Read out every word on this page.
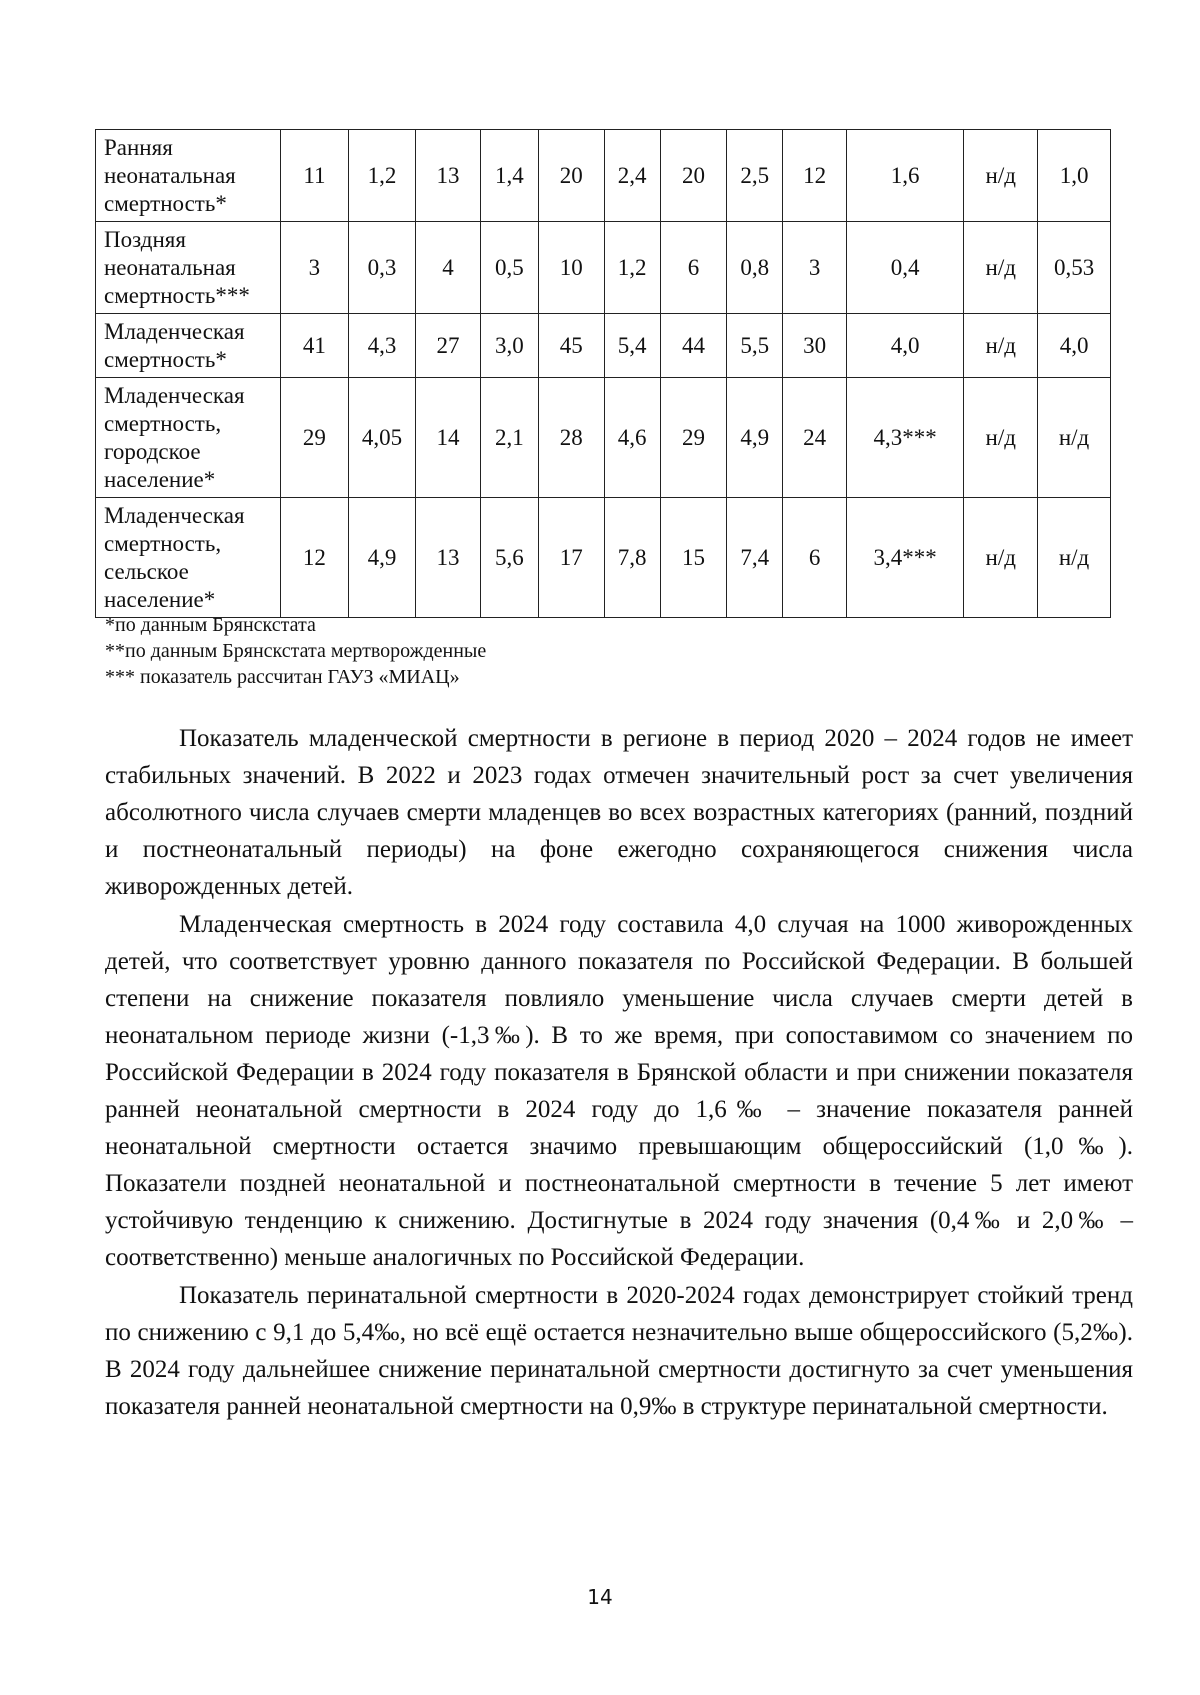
Ранняя
неонатальная
смертность*	11	1,2	13	1,4	20	2,4	20	2,5	12	1,6	н/д	1,0
Поздняя
неонатальная
смертность***	3	0,3	4	0,5	10	1,2	6	0,8	3	0,4	н/д	0,53
Младенческая
смертность*	41	4,3	27	3,0	45	5,4	44	5,5	30	4,0	н/д	4,0
Младенческая
смертность,
городское
население*	29	4,05	14	2,1	28	4,6	29	4,9	24	4,3***	н/д	н/д
Младенческая
смертность,
сельское
население*	12	4,9	13	5,6	17	7,8	15	7,4	6	3,4***	н/д	н/д
*по данным Брянскстата
**по данным Брянскстата мертворожденные
*** показатель рассчитан ГАУЗ «МИАЦ»

Показатель младенческой смертности в регионе в период 2020 – 2024 годов не имеет стабильных значений. В 2022 и 2023 годах отмечен значительный рост за счет увеличения абсолютного числа случаев смерти младенцев во всех возрастных категориях (ранний, поздний и постнеонатальный периоды) на фоне ежегодно сохраняющегося снижения числа живорожденных детей.

Младенческая смертность в 2024 году составила 4,0 случая на 1000 живорожденных детей, что соответствует уровню данного показателя по Российской Федерации. В большей степени на снижение показателя повлияло уменьшение числа случаев смерти детей в неонатальном периоде жизни (-1,3‰). В то же время, при сопоставимом со значением по Российской Федерации в 2024 году показателя в Брянской области и при снижении показателя ранней неонатальной смертности в 2024 году до 1,6‰ – значение показателя ранней неонатальной смертности остается значимо превышающим общероссийский (1,0‰). Показатели поздней неонатальной и постнеонатальной смертности в течение 5 лет имеют устойчивую тенденцию к снижению. Достигнутые в 2024 году значения (0,4‰ и 2,0‰ – соответственно) меньше аналогичных по Российской Федерации.

Показатель перинатальной смертности в 2020-2024 годах демонстрирует стойкий тренд по снижению с 9,1 до 5,4‰, но всё ещё остается незначительно выше общероссийского (5,2‰). В 2024 году дальнейшее снижение перинатальной смертности достигнуто за счет уменьшения показателя ранней неонатальной смертности на 0,9‰ в структуре перинатальной смертности.

14
